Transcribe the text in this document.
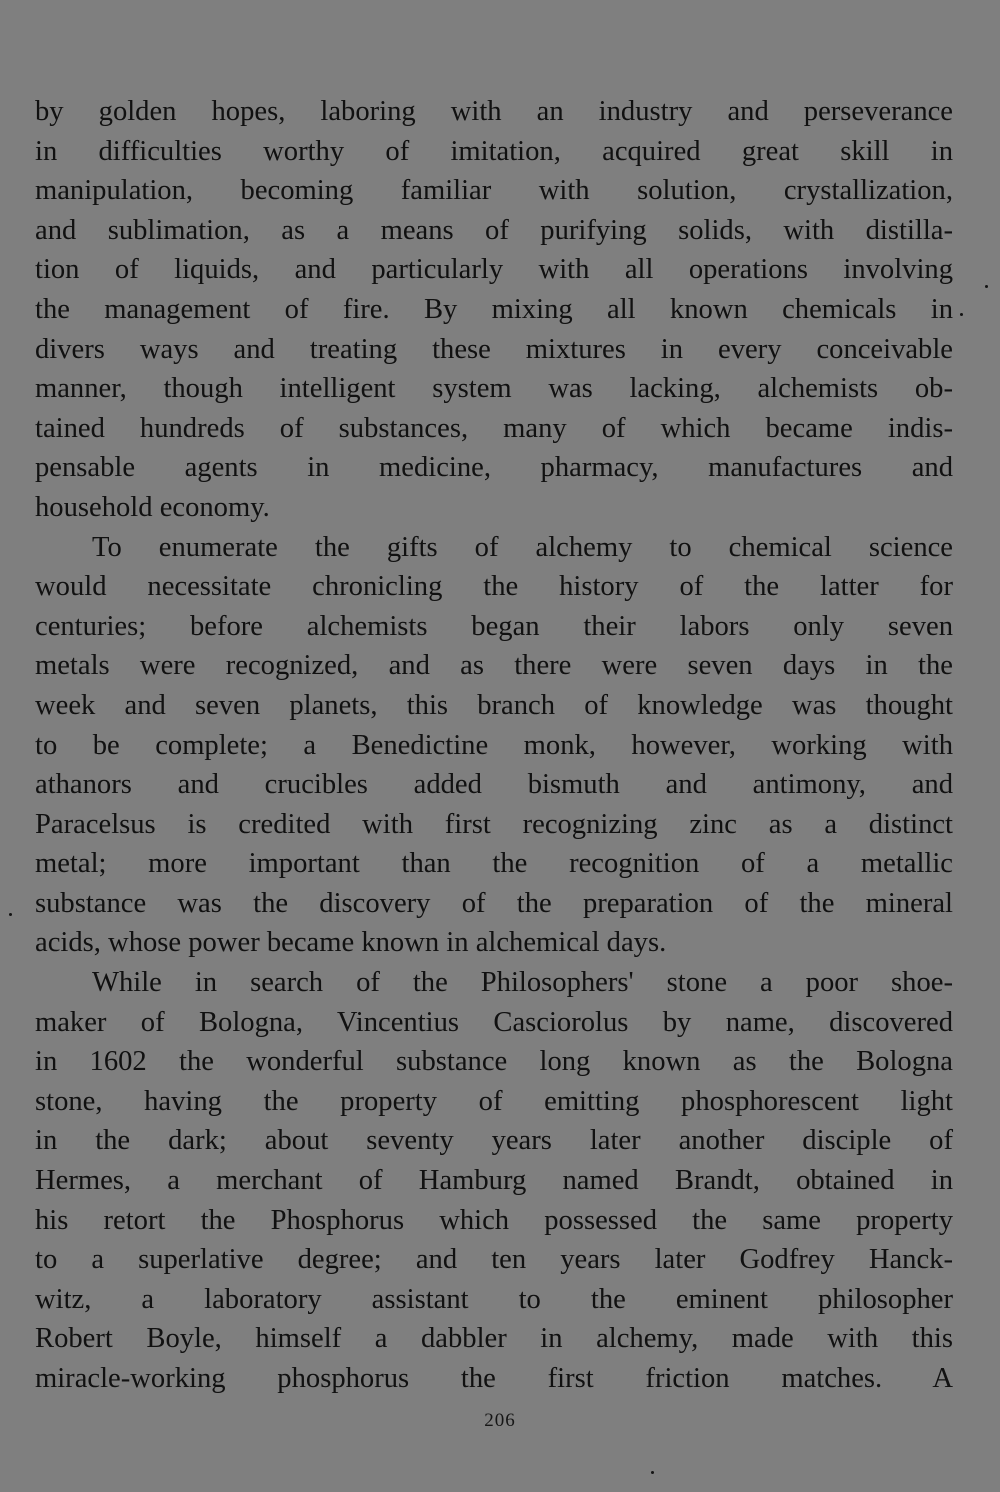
by golden hopes, laboring with an industry and perseverance
in difficulties worthy of imitation, acquired great skill in
manipulation, becoming familiar with solution, crystallization,
and sublimation, as a means of purifying solids, with distilla-
tion of liquids, and particularly with all operations involving
the management of fire. By mixing all known chemicals in
divers ways and treating these mixtures in every conceivable
manner, though intelligent system was lacking, alchemists ob-
tained hundreds of substances, many of which became indis-
pensable agents in medicine, pharmacy, manufactures and
household economy.
To enumerate the gifts of alchemy to chemical science
would necessitate chronicling the history of the latter for
centuries; before alchemists began their labors only seven
metals were recognized, and as there were seven days in the
week and seven planets, this branch of knowledge was thought
to be complete; a Benedictine monk, however, working with
athanors and crucibles added bismuth and antimony, and
Paracelsus is credited with first recognizing zinc as a distinct
metal; more important than the recognition of a metallic
substance was the discovery of the preparation of the mineral
acids, whose power became known in alchemical days.
While in search of the Philosophers' stone a poor shoe-
maker of Bologna, Vincentius Casciorolus by name, discovered
in 1602 the wonderful substance long known as the Bologna
stone, having the property of emitting phosphorescent light
in the dark; about seventy years later another disciple of
Hermes, a merchant of Hamburg named Brandt, obtained in
his retort the Phosphorus which possessed the same property
to a superlative degree; and ten years later Godfrey Hanck-
witz, a laboratory assistant to the eminent philosopher
Robert Boyle, himself a dabbler in alchemy, made with this
miracle-working phosphorus the first friction matches. A
206
